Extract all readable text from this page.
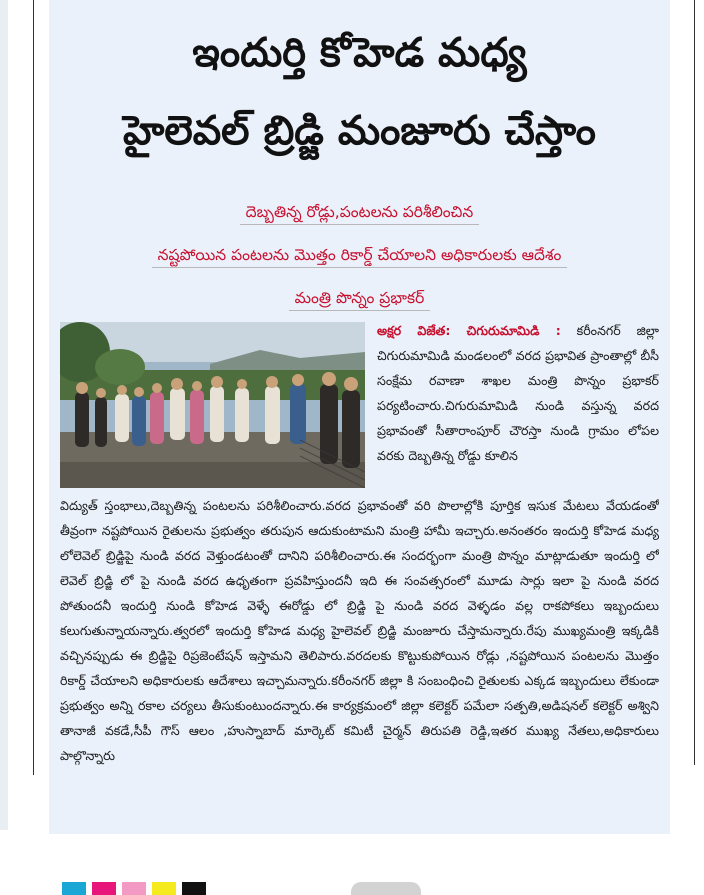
ఇందుర్తి కోహెడ మధ్య
హైలెవల్ బ్రిడ్జి మంజూరు చేస్తాం
దెబ్బతిన్న రోడ్లు,పంటలను పరిశీలించిన
నష్టపోయిన పంటలను మొత్తం రికార్డ్ చేయాలని అధికారులకు ఆదేశం
మంత్రి పొన్నం ప్రభాకర్
అక్షర విజేత: చిగురుమామిడి : కరీంనగర్ జిల్లా చిగురుమామిడి మండలంలో వరద ప్రభావిత ప్రాంతాల్లో బీసీ సంక్షేమ రవాణా శాఖల మంత్రి పొన్నం ప్రభాకర్ పర్యటించారు.చిగురుమామిడి నుండి వస్తున్న వరద ప్రభావంతో సీతారాంపూర్ చౌరస్తా నుండి గ్రామం లోపల వరకు దెబ్బతిన్న రోడ్డు కూలిన
విద్యుత్ స్తంభాలు,దెబ్బతిన్న పంటలను పరిశీలించారు.వరద ప్రభావంతో వరి పొలాల్లోకి పూర్తిక ఇసుక మేటలు వేయడంతో తీవ్రంగా నష్టపోయిన రైతులను ప్రభుత్వం తరుపున ఆదుకుంటామని మంత్రి హామీ ఇచ్చారు.అనంతరం ఇందుర్తి కోహెడ మధ్య లోలెవెల్ బ్రిడ్జిపై నుండి వరద వెళ్తుండటంతో దానిని పరిశీలించారు.ఈ సందర్భంగా మంత్రి పొన్నం మాట్లాడుతూ ఇందుర్తి లో లెవెల్ బ్రిడ్జి లో పై నుండి వరద ఉధృతంగా ప్రవహిస్తుందనీ ఇది ఈ సంవత్సరంలో మూడు సార్లు ఇలా పై నుండి వరద పోతుందనీ ఇందుర్తి నుండి కోహెడ వెళ్ళే ఈరోడ్డు లో బ్రిడ్జి పై నుండి వరద వెళ్ళడం వల్ల రాకపోకలు ఇబ్బందులు కలుగుతున్నాయన్నారు.త్వరలో ఇందుర్తి కోహెడ మధ్య హైలెవల్ బ్రిడ్జి మంజూరు చేస్తామన్నారు.రేపు ముఖ్యమంత్రి ఇక్కడికి వచ్చినప్పుడు ఈ బ్రిడ్జిపై రిప్రజెంటేషన్ ఇస్తామని తెలిపారు.వరదలకు కొట్టుకుపోయిన రోడ్లు ,నష్టపోయిన పంటలను మొత్తం రికార్డ్ చేయాలని అధికారులకు ఆదేశాలు ఇచ్చామన్నారు.కరీంనగర్ జిల్లా కి సంబంధించి రైతులకు ఎక్కడ ఇబ్బందులు లేకుండా ప్రభుత్వం అన్ని రకాల చర్యలు తీసుకుంటుందన్నారు.ఈ కార్యక్రమంలో జిల్లా కలెక్టర్ పమేలా సత్పతి,అడిషనల్ కలెక్టర్ అశ్విని తానాజీ వకడే,సీపీ గౌస్ ఆలం ,హుస్నాబాద్ మార్కెట్ కమిటీ చైర్మన్ తిరుపతి రెడ్డి,ఇతర ముఖ్య నేతలు,అధికారులు పాల్గొన్నారు
